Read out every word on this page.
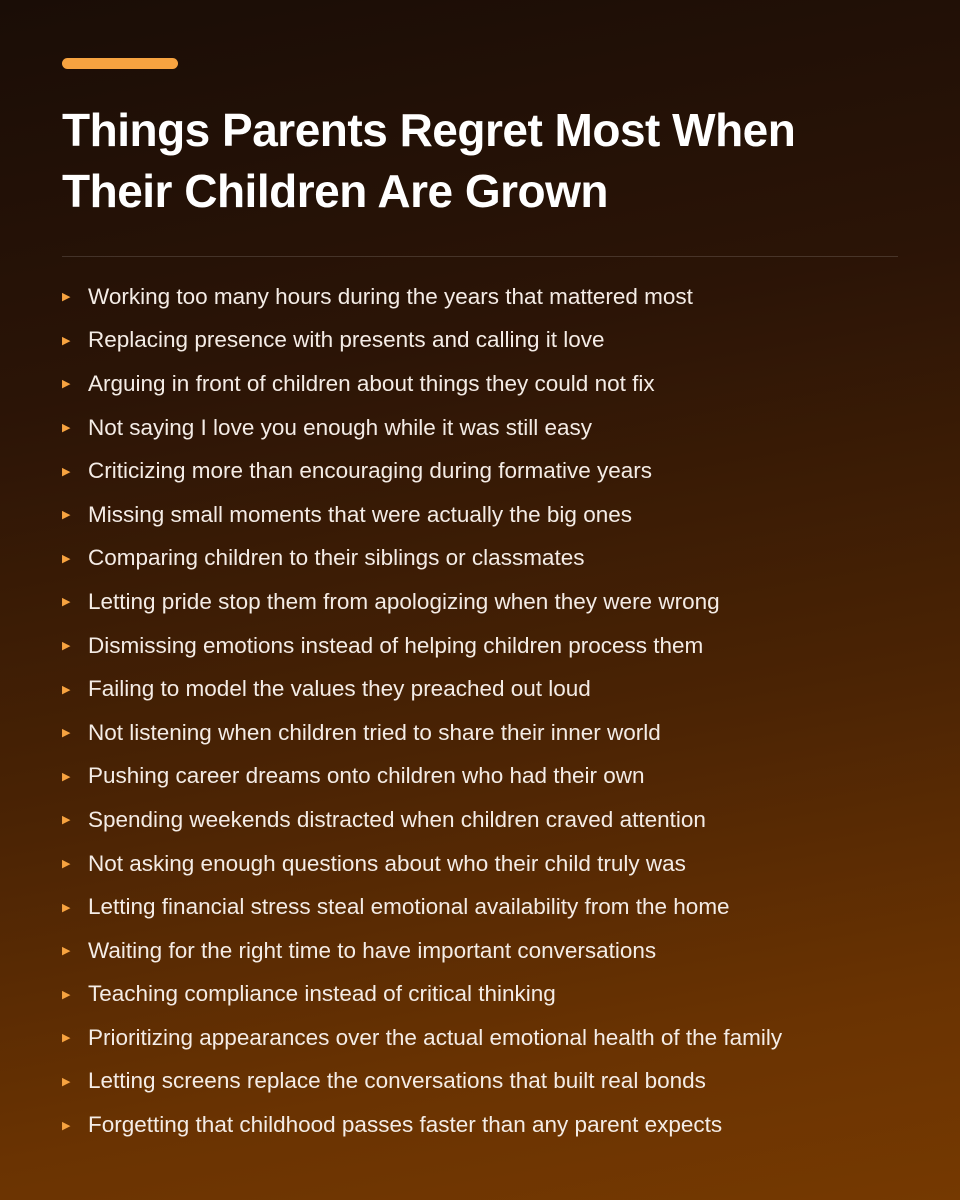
Things Parents Regret Most When Their Children Are Grown
▶ Working too many hours during the years that mattered most
▶ Replacing presence with presents and calling it love
▶ Arguing in front of children about things they could not fix
▶ Not saying I love you enough while it was still easy
▶ Criticizing more than encouraging during formative years
▶ Missing small moments that were actually the big ones
▶ Comparing children to their siblings or classmates
▶ Letting pride stop them from apologizing when they were wrong
▶ Dismissing emotions instead of helping children process them
▶ Failing to model the values they preached out loud
▶ Not listening when children tried to share their inner world
▶ Pushing career dreams onto children who had their own
▶ Spending weekends distracted when children craved attention
▶ Not asking enough questions about who their child truly was
▶ Letting financial stress steal emotional availability from the home
▶ Waiting for the right time to have important conversations
▶ Teaching compliance instead of critical thinking
▶ Prioritizing appearances over the actual emotional health of the family
▶ Letting screens replace the conversations that built real bonds
▶ Forgetting that childhood passes faster than any parent expects
